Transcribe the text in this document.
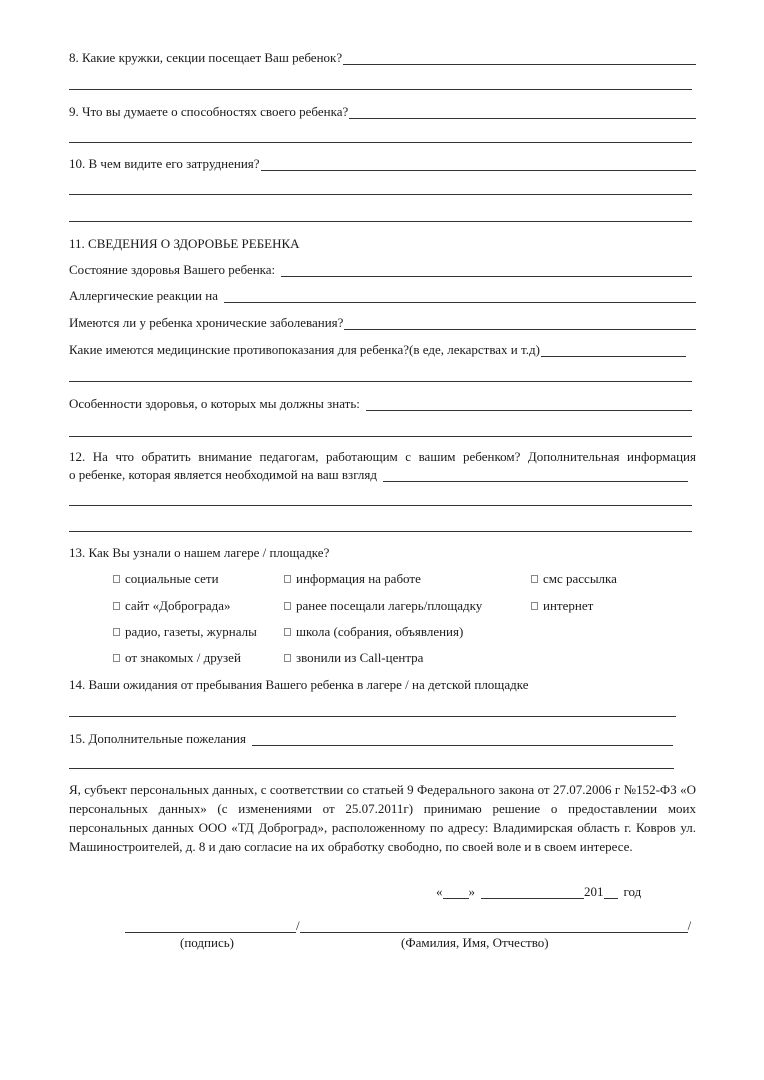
8. Какие кружки, секции посещает Ваш ребенок?
9. Что вы думаете о способностях своего ребенка?
10. В чем видите его затруднения?
11. СВЕДЕНИЯ О ЗДОРОВЬЕ РЕБЕНКА
Состояние здоровья Вашего ребенка:
Аллергические реакции на
Имеются ли у ребенка хронические заболевания?
Какие имеются медицинские противопоказания для ребенка?(в еде, лекарствах и т.д)
Особенности здоровья, о которых мы должны знать:
12. На что обратить внимание педагогам, работающим с вашим ребенком? Дополнительная информация
о ребенке, которая является необходимой на ваш взгляд
13. Как Вы узнали о нашем лагере / площадке?
социальные сети	информация на работе	смс рассылка
сайт «Доброграда»	ранее посещали лагерь/площадку	интернет
радио, газеты, журналы	школа (собрания, объявления)
от знакомых / друзей	звонили из Call-центра
14. Ваши ожидания от пребывания Вашего ребенка в лагере / на детской площадке
15. Дополнительные пожелания
Я, субъект персональных данных, с соответствии со статьей 9 Федерального закона от 27.07.2006 г №152-ФЗ «О персональных данных» (с изменениями от 25.07.2011г) принимаю решение о предоставлении моих персональных данных ООО «ТД Доброград», расположенному по адресу: Владимирская область г. Ковров ул. Машиностроителей, д. 8 и даю согласие на их обработку свободно, по своей воле и в своем интересе.
« »	201 год
/	/
(подпись)	(Фамилия, Имя, Отчество)
